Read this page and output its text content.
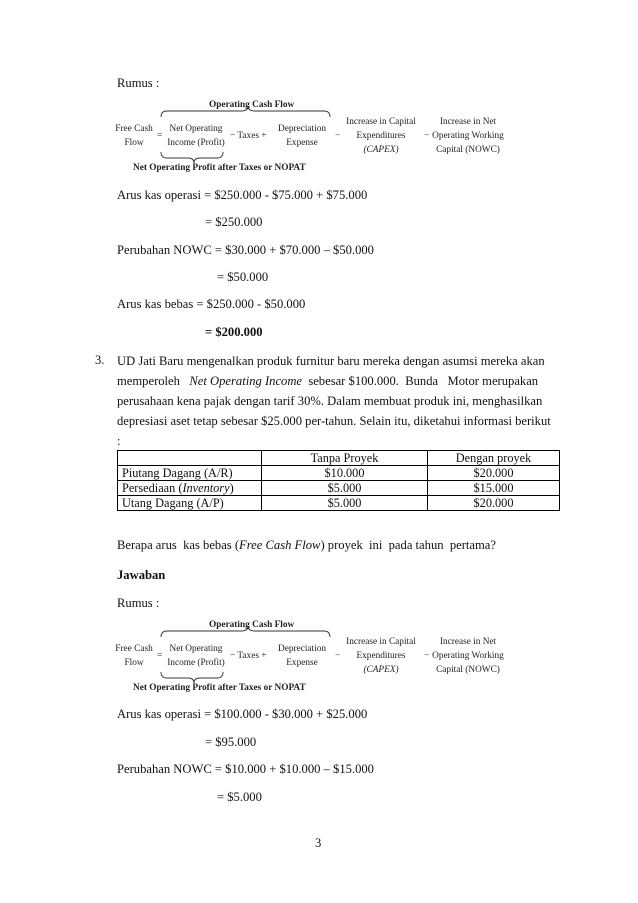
Rumus :
Operating Cash Flow
Free Cash
Flow
=
Net Operating
Income (Profit)
− Taxes +
Depreciation
Expense
−
Increase in Capital
Expenditures
(CAPEX)
−
Increase in Net
Operating Working
Capital (NOWC)
Net Operating Profit after Taxes or NOPAT
Arus kas operasi = $250.000 - $75.000 + $75.000
= $250.000
Perubahan NOWC = $30.000 + $70.000 – $50.000
= $50.000
Arus kas bebas = $250.000 - $50.000
= $200.000
3. UD Jati Baru mengenalkan produk furnitur baru mereka dengan asumsi mereka akan
memperoleh   Net Operating Income  sebesar $100.000.  Bunda   Motor merupakan
perusahaan kena pajak dengan tarif 30%. Dalam membuat produk ini, menghasilkan
depresiasi aset tetap sebesar $25.000 per-tahun. Selain itu, diketahui informasi berikut
:
	Tanpa Proyek	Dengan proyek
Piutang Dagang (A/R)	$10.000	$20.000
Persediaan (Inventory)	$5.000	$15.000
Utang Dagang (A/P)	$5.000	$20.000
Berapa arus  kas bebas (Free Cash Flow) proyek  ini  pada tahun  pertama?
Jawaban
Rumus :
Operating Cash Flow
Free Cash
Flow
=
Net Operating
Income (Profit)
− Taxes +
Depreciation
Expense
−
Increase in Capital
Expenditures
(CAPEX)
−
Increase in Net
Operating Working
Capital (NOWC)
Net Operating Profit after Taxes or NOPAT
Arus kas operasi = $100.000 - $30.000 + $25.000
= $95.000
Perubahan NOWC = $10.000 + $10.000 – $15.000
= $5.000
3
